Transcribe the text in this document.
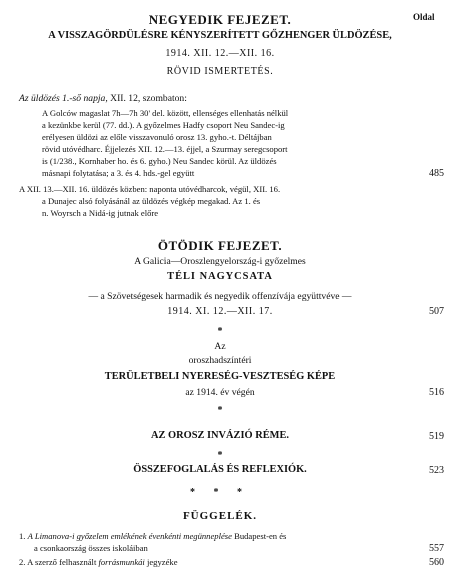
Oldal
NEGYEDIK FEJEZET.
A VISSZAGÖRDÜLÉSRE KÉNYSZERÍTETT GŐZHENGER ÜLDÖZÉSE,
1914. XII. 12.—XII. 16.
RÖVID ISMERTETÉS.
Az üldözés 1.-ső napja, XII. 12, szombaton:
A Golców magaslat 7h—7h 30' del. között, ellenséges ellenhatás nélkül
a kezünkbe kerül (77. dd.). A győzelmes Hadfy csoport Neu Sandec-ig
erélyesen üldözi az előle visszavonuló orosz 13. gyho.-t. Déltájban
rövid utóvédharc. Éjjelezés XII. 12.—13. éjjel, a Szurmay seregcsoport
is (1/238., Kornhaber ho. és 6. gyho.) Neu Sandec körül. Az üldözés
másnapi folytatása; a 3. és 4. hds.-gel együtt	485
A XII. 13.—XII. 16. üldözés közben: naponta utóvédharcok, végül, XII. 16.
a Dunajec alsó folyásánál az üldözés végkép megakad. Az 1. és
n. Woyrsch a Nidá-ig jutnak előre
ÖTÖDIK FEJEZET.
A Galicia—Oroszlengyelország-i győzelmes
TÉLI NAGYCSATA
— a Szövetségesek harmadik és negyedik offenzívája együttvéve —
1914. XI. 12.—XII. 17.	507
*
Az
oroszhadszíntéri
TERÜLETBELI NYERESÉG-VESZTESÉG KÉPE
az 1914. év végén	516
*
AZ OROSZ INVÁZIÓ RÉME.	519
*
ÖSSZEFOGLALÁS ÉS REFLEXIÓK.	523
* * *
FÜGGELÉK.
1. A Limanova-i győzelem emlékének évenkénti megünneplése Budapest-en és
a csonkaország összes iskoláiban	557
2. A szerző felhasznált forrásmunkái jegyzéke	560
